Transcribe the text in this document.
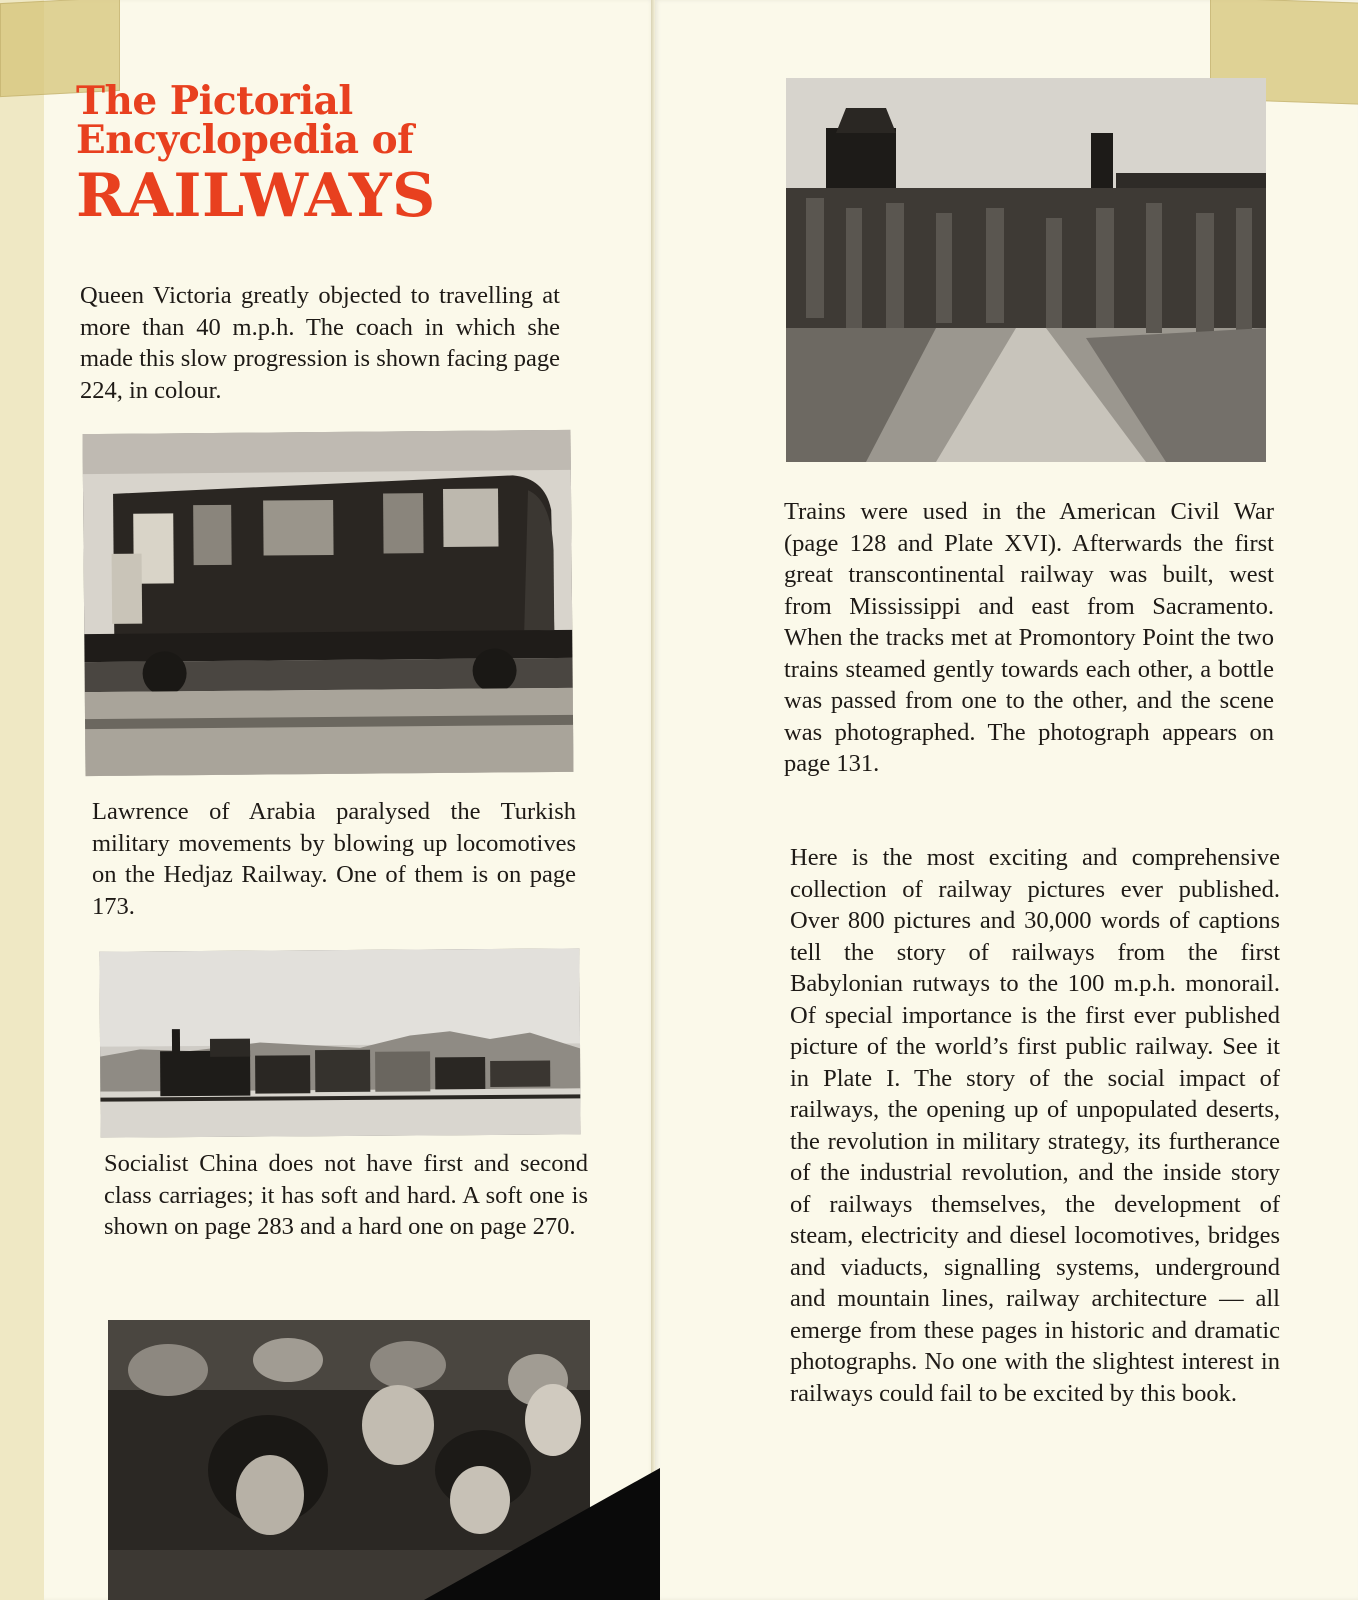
The Pictorial
Encyclopedia of
RAILWAYS

Queen Victoria greatly objected to travelling at more than 40 m.p.h. The coach in which she made this slow progression is shown facing page 224, in colour.

Lawrence of Arabia paralysed the Turkish military movements by blowing up locomotives on the Hedjaz Railway. One of them is on page 173.

Socialist China does not have first and second class carriages; it has soft and hard. A soft one is shown on page 283 and a hard one on page 270.

Trains were used in the American Civil War (page 128 and Plate XVI). Afterwards the first great transcontinental railway was built, west from Mississippi and east from Sacramento. When the tracks met at Promontory Point the two trains steamed gently towards each other, a bottle was passed from one to the other, and the scene was photographed. The photograph appears on page 131.

Here is the most exciting and comprehensive collection of railway pictures ever published. Over 800 pictures and 30,000 words of captions tell the story of railways from the first Babylonian rutways to the 100 m.p.h. monorail. Of special importance is the first ever published picture of the world’s first public railway. See it in Plate I. The story of the social impact of railways, the opening up of unpopulated deserts, the revolution in military strategy, its furtherance of the industrial revolution, and the inside story of railways themselves, the development of steam, electricity and diesel locomotives, bridges and viaducts, signalling systems, underground and mountain lines, railway architecture — all emerge from these pages in historic and dramatic photographs. No one with the slightest interest in railways could fail to be excited by this book.
